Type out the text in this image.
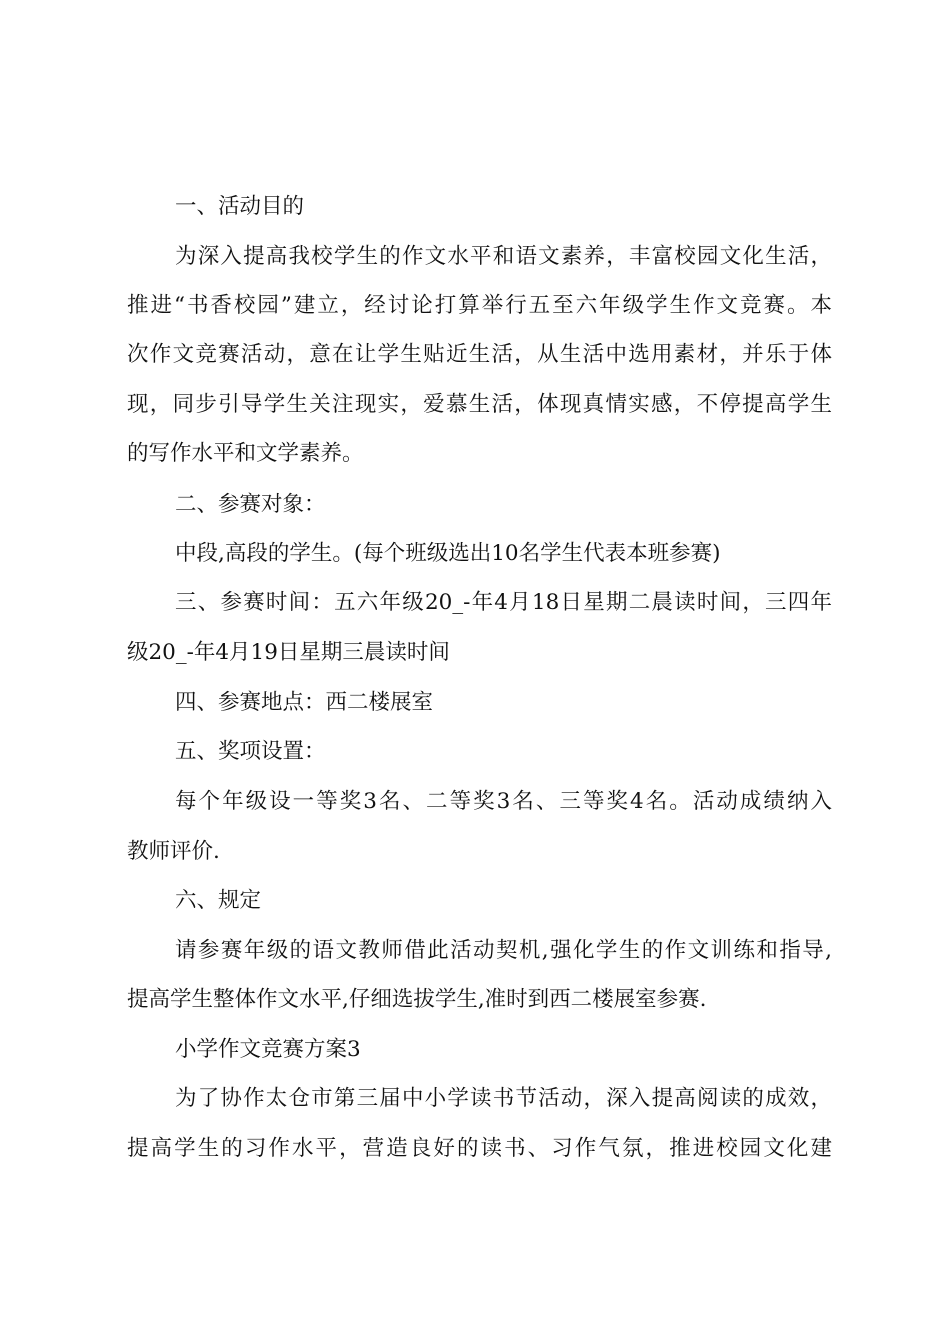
一、活动目的
为深入提高我校学生的作文水平和语文素养，丰富校园文化生活，
推进“书香校园”建立，经讨论打算举行五至六年级学生作文竞赛。本
次作文竞赛活动，意在让学生贴近生活，从生活中选用素材，并乐于体
现，同步引导学生关注现实，爱慕生活，体现真情实感，不停提高学生
的写作水平和文学素养。
二、参赛对象：
中段,高段的学生。(每个班级选出10名学生代表本班参赛)
三、参赛时间：五六年级20_-年4月18日星期二晨读时间，三四年
级20_-年4月19日星期三晨读时间
四、参赛地点：西二楼展室
五、奖项设置：
每个年级设一等奖3名、二等奖3名、三等奖4名。活动成绩纳入
教师评价.
六、规定
请参赛年级的语文教师借此活动契机,强化学生的作文训练和指导,
提高学生整体作文水平,仔细选拔学生,准时到西二楼展室参赛.
小学作文竞赛方案3
为了协作太仓市第三届中小学读书节活动，深入提高阅读的成效，
提高学生的习作水平，营造良好的读书、习作气氛，推进校园文化建
